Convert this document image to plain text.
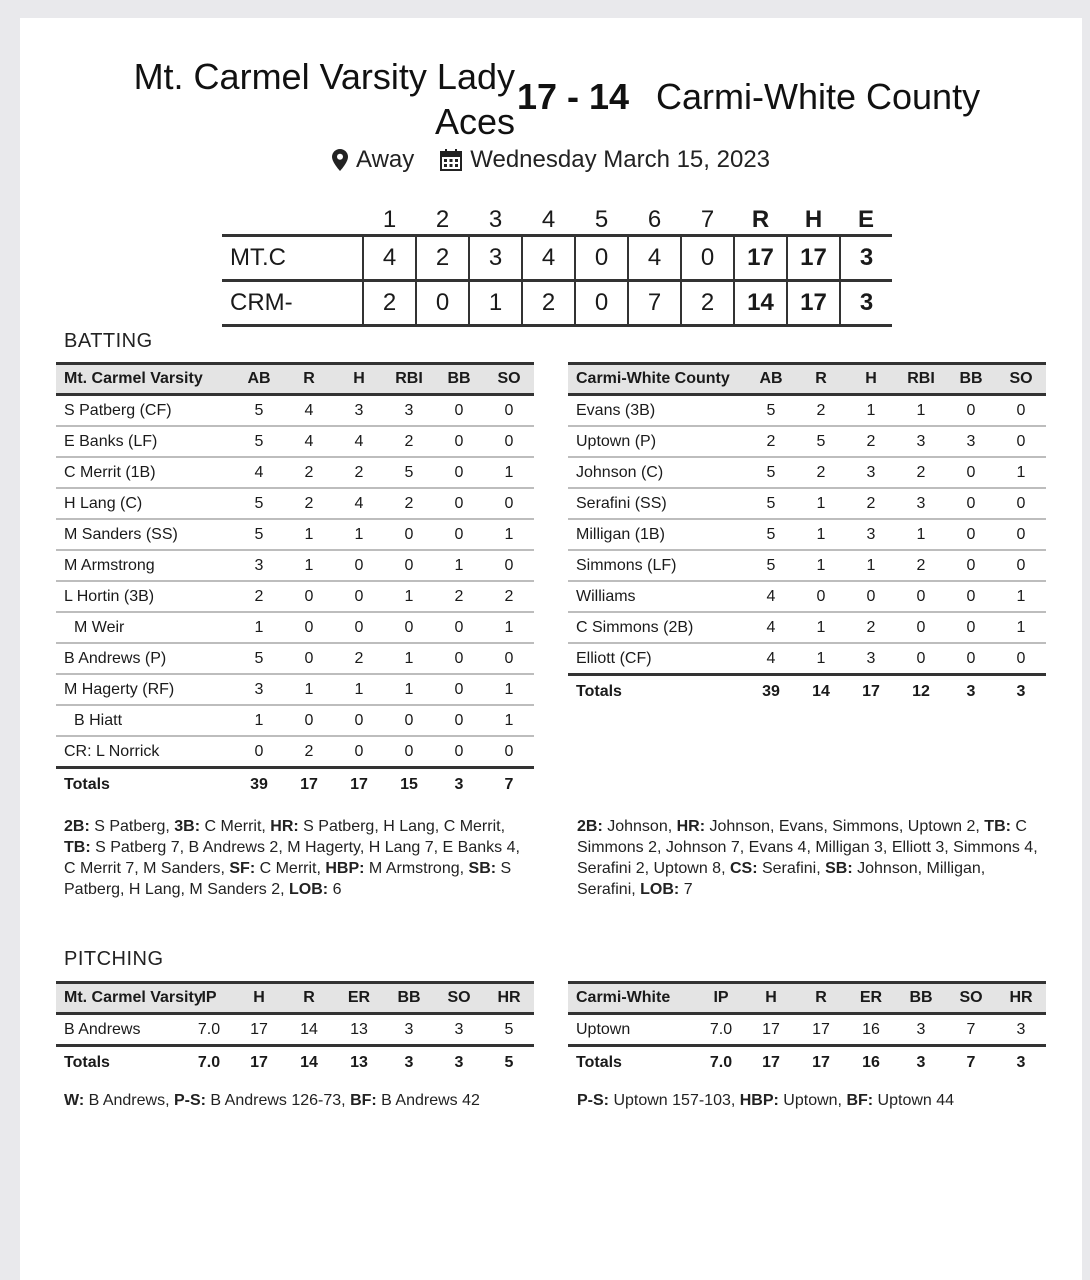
Mt. Carmel Varsity Lady Aces
17 - 14 Carmi-White County
Away Wednesday March 15, 2023
	1	2	3	4	5	6	7	R	H	E
MT.C	4	2	3	4	0	4	0	17	17	3
CRM-	2	0	1	2	0	7	2	14	17	3
BATTING
Mt. Carmel Varsity	AB	R	H	RBI	BB	SO
S Patberg (CF)	5	4	3	3	0	0
E Banks (LF)	5	4	4	2	0	0
C Merrit (1B)	4	2	2	5	0	1
H Lang (C)	5	2	4	2	0	0
M Sanders (SS)	5	1	1	0	0	1
M Armstrong	3	1	0	0	1	0
L Hortin (3B)	2	0	0	1	2	2
M Weir	1	0	0	0	0	1
B Andrews (P)	5	0	2	1	0	0
M Hagerty (RF)	3	1	1	1	0	1
B Hiatt	1	0	0	0	0	1
CR: L Norrick	0	2	0	0	0	0
Totals	39	17	17	15	3	7
Carmi-White County	AB	R	H	RBI	BB	SO
Evans (3B)	5	2	1	1	0	0
Uptown (P)	2	5	2	3	3	0
Johnson (C)	5	2	3	2	0	1
Serafini (SS)	5	1	2	3	0	0
Milligan (1B)	5	1	3	1	0	0
Simmons (LF)	5	1	1	2	0	0
Williams	4	0	0	0	0	1
C Simmons (2B)	4	1	2	0	0	1
Elliott (CF)	4	1	3	0	0	0
Totals	39	14	17	12	3	3
2B: S Patberg, 3B: C Merrit, HR: S Patberg, H Lang, C Merrit, TB: S Patberg 7, B Andrews 2, M Hagerty, H Lang 7, E Banks 4, C Merrit 7, M Sanders, SF: C Merrit, HBP: M Armstrong, SB: S Patberg, H Lang, M Sanders 2, LOB: 6
2B: Johnson, HR: Johnson, Evans, Simmons, Uptown 2, TB: C Simmons 2, Johnson 7, Evans 4, Milligan 3, Elliott 3, Simmons 4, Serafini 2, Uptown 8, CS: Serafini, SB: Johnson, Milligan, Serafini, LOB: 7
PITCHING
Mt. Carmel Varsity	IP	H	R	ER	BB	SO	HR
B Andrews	7.0	17	14	13	3	3	5
Totals	7.0	17	14	13	3	3	5
Carmi-White	IP	H	R	ER	BB	SO	HR
Uptown	7.0	17	17	16	3	7	3
Totals	7.0	17	17	16	3	7	3
W: B Andrews, P-S: B Andrews 126-73, BF: B Andrews 42	P-S: Uptown 157-103, HBP: Uptown, BF: Uptown 44
